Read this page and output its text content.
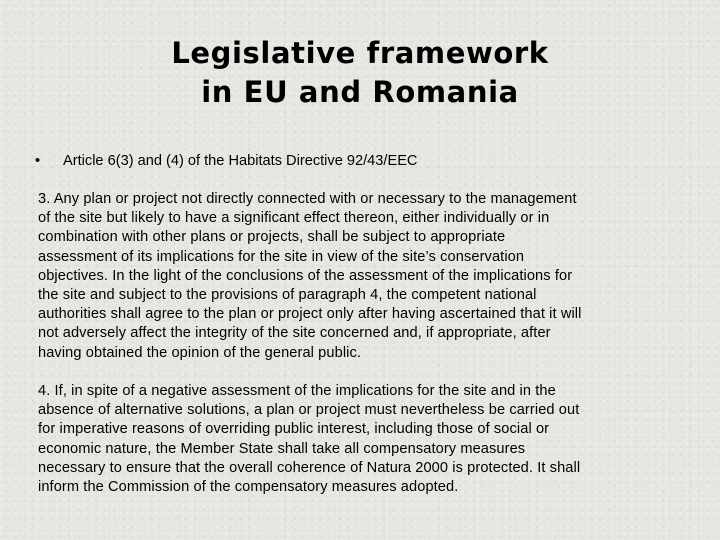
Legislative framework
in EU and Romania
• Article 6(3) and (4) of the Habitats Directive 92/43/EEC
3. Any plan or project not directly connected with or necessary to the management
of the site but likely to have a significant effect thereon, either individually or in
combination with other plans or projects, shall be subject to appropriate
assessment of its implications for the site in view of the site’s conservation
objectives. In the light of the conclusions of the assessment of the implications for
the site and subject to the provisions of paragraph 4, the competent national
authorities shall agree to the plan or project only after having ascertained that it will
not adversely affect the integrity of the site concerned and, if appropriate, after
having obtained the opinion of the general public.
4. If, in spite of a negative assessment of the implications for the site and in the
absence of alternative solutions, a plan or project must nevertheless be carried out
for imperative reasons of overriding public interest, including those of social or
economic nature, the Member State shall take all compensatory measures
necessary to ensure that the overall coherence of Natura 2000 is protected. It shall
inform the Commission of the compensatory measures adopted.
